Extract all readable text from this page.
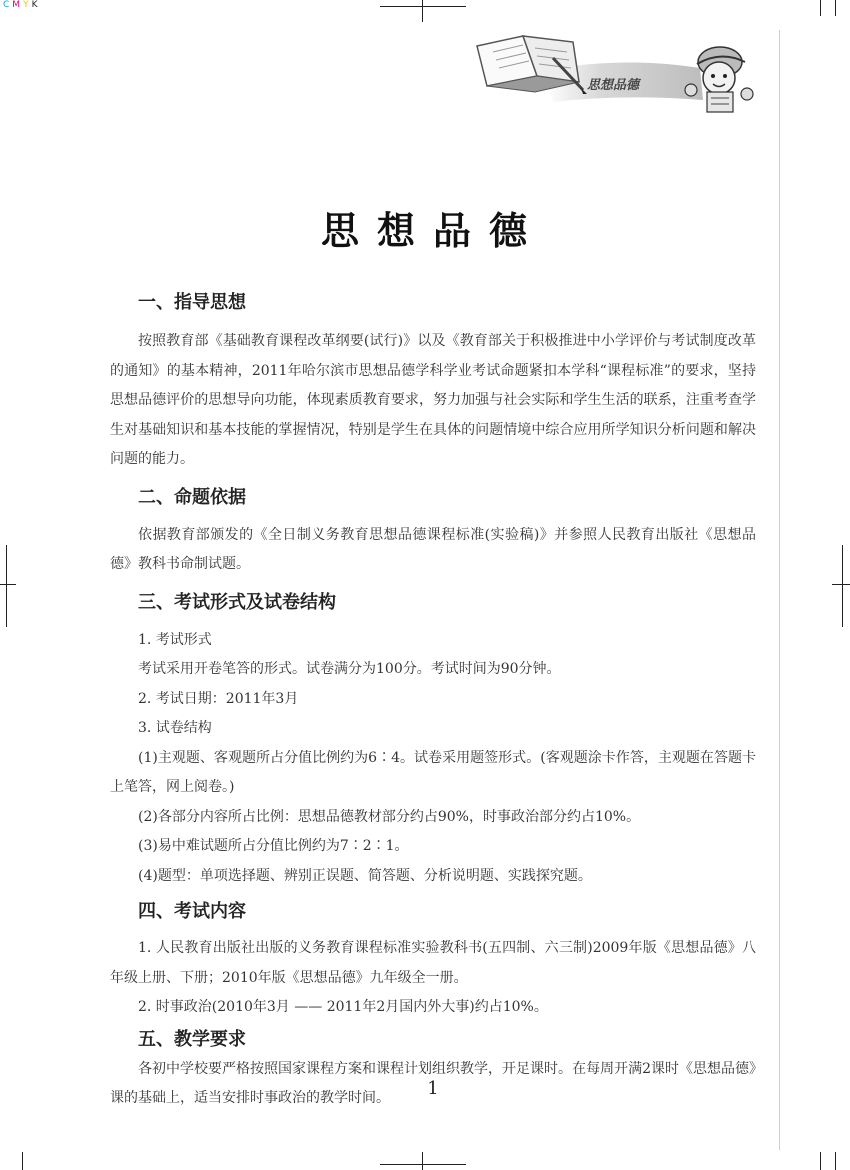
CMYK
思想品德
思想品德
一、指导思想

按照教育部《基础教育课程改革纲要(试行)》以及《教育部关于积极推进中小学评价与考试制度改革的通知》的基本精神，2011年哈尔滨市思想品德学科学业考试命题紧扣本学科“课程标准”的要求，坚持思想品德评价的思想导向功能，体现素质教育要求，努力加强与社会实际和学生生活的联系，注重考查学生对基础知识和基本技能的掌握情况，特别是学生在具体的问题情境中综合应用所学知识分析问题和解决问题的能力。

二、命题依据

依据教育部颁发的《全日制义务教育思想品德课程标准(实验稿)》并参照人民教育出版社《思想品德》教科书命制试题。

三、考试形式及试卷结构
1. 考试形式
考试采用开卷笔答的形式。试卷满分为100分。考试时间为90分钟。
2. 考试日期：2011年3月
3. 试卷结构

(1)主观题、客观题所占分值比例约为6∶4。试卷采用题签形式。(客观题涂卡作答，主观题在答题卡上笔答，网上阅卷。)

(2)各部分内容所占比例：思想品德教材部分约占90%，时事政治部分约占10%。
(3)易中难试题所占分值比例约为7∶2∶1。
(4)题型：单项选择题、辨别正误题、简答题、分析说明题、实践探究题。
四、考试内容

1. 人民教育出版社出版的义务教育课程标准实验教科书(五四制、六三制)2009年版《思想品德》八年级上册、下册；2010年版《思想品德》九年级全一册。

2. 时事政治(2010年3月 —— 2011年2月国内外大事)约占10%。
五、教学要求

各初中学校要严格按照国家课程方案和课程计划组织教学，开足课时。在每周开满2课时《思想品德》课的基础上，适当安排时事政治的教学时间。	1
